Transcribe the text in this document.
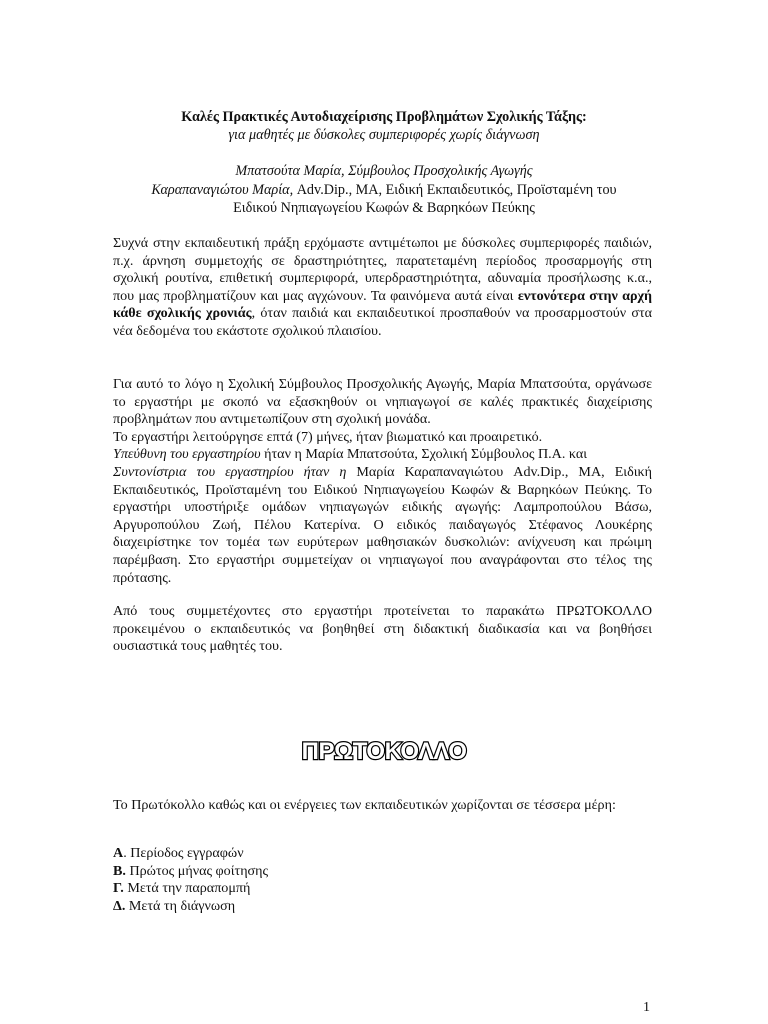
Καλές Πρακτικές Αυτοδιαχείρισης Προβλημάτων Σχολικής Τάξης:
για μαθητές με δύσκολες συμπεριφορές χωρίς διάγνωση
Μπατσούτα Μαρία, Σύμβουλος Προσχολικής Αγωγής
Καραπαναγιώτου Μαρία, Adv.Dip., MA, Ειδική Εκπαιδευτικός, Προϊσταμένη του
Ειδικού Νηπιαγωγείου Κωφών & Βαρηκόων Πεύκης

Συχνά στην εκπαιδευτική πράξη ερχόμαστε αντιμέτωποι με δύσκολες συμπεριφορές παιδιών, π.χ. άρνηση συμμετοχής σε δραστηριότητες, παρατεταμένη περίοδος προσαρμογής στη σχολική ρουτίνα, επιθετική συμπεριφορά, υπερδραστηριότητα, αδυναμία προσήλωσης κ.α., που μας προβληματίζουν και μας αγχώνουν. Τα φαινόμενα αυτά είναι εντονότερα στην αρχή κάθε σχολικής χρονιάς, όταν παιδιά και εκπαιδευτικοί προσπαθούν να προσαρμοστούν στα νέα δεδομένα του εκάστοτε σχολικού πλαισίου.

Για αυτό το λόγο η Σχολική Σύμβουλος Προσχολικής Αγωγής, Μαρία Μπατσούτα, οργάνωσε το εργαστήρι με σκοπό να εξασκηθούν οι νηπιαγωγοί σε καλές πρακτικές διαχείρισης προβλημάτων που αντιμετωπίζουν στη σχολική μονάδα.

Το εργαστήρι λειτούργησε επτά (7) μήνες, ήταν βιωματικό και προαιρετικό.

Υπεύθυνη του εργαστηρίου ήταν η Μαρία Μπατσούτα, Σχολική Σύμβουλος Π.Α. και

Συντονίστρια του εργαστηρίου ήταν η Μαρία Καραπαναγιώτου Adv.Dip., MA, Ειδική Εκπαιδευτικός, Προϊσταμένη του Ειδικού Νηπιαγωγείου Κωφών & Βαρηκόων Πεύκης. Το εργαστήρι υποστήριξε ομάδων νηπιαγωγών ειδικής αγωγής: Λαμπροπούλου Βάσω, Αργυροπούλου Ζωή, Πέλου Κατερίνα. Ο ειδικός παιδαγωγός Στέφανος Λουκέρης διαχειρίστηκε τον τομέα των ευρύτερων μαθησιακών δυσκολιών: ανίχνευση και πρώιμη παρέμβαση. Στο εργαστήρι συμμετείχαν οι νηπιαγωγοί που αναγράφονται στο τέλος της πρότασης.

Από τους συμμετέχοντες στο εργαστήρι προτείνεται το παρακάτω ΠΡΩΤΟΚΟΛΛΟ προκειμένου ο εκπαιδευτικός να βοηθηθεί στη διδακτική διαδικασία και να βοηθήσει ουσιαστικά τους μαθητές του.

ΠΡΩΤΟΚΟΛΛΟ

Το Πρωτόκολλο καθώς και οι ενέργειες των εκπαιδευτικών χωρίζονται σε τέσσερα μέρη:

Α. Περίοδος εγγραφών
Β. Πρώτος μήνας φοίτησης
Γ. Μετά την παραπομπή
Δ. Μετά τη διάγνωση
1
